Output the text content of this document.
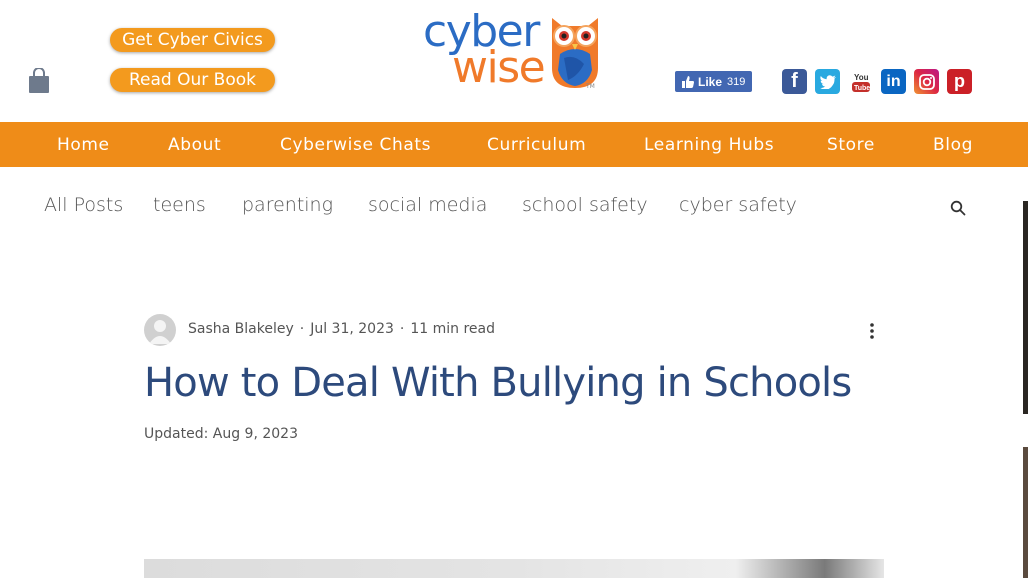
Get Cyber Civics
Read Our Book
cyber
wise	TM	Like 319 f	You
Tube in	p
Home	About	Cyberwise Chats	Curriculum	Learning Hubs	Store	Blog
All Posts teens parenting social media school safety cyber safety
Sasha Blakeley · Jul 31, 2023 · 11 min read
How to Deal With Bullying in Schools
Updated: Aug 9, 2023
